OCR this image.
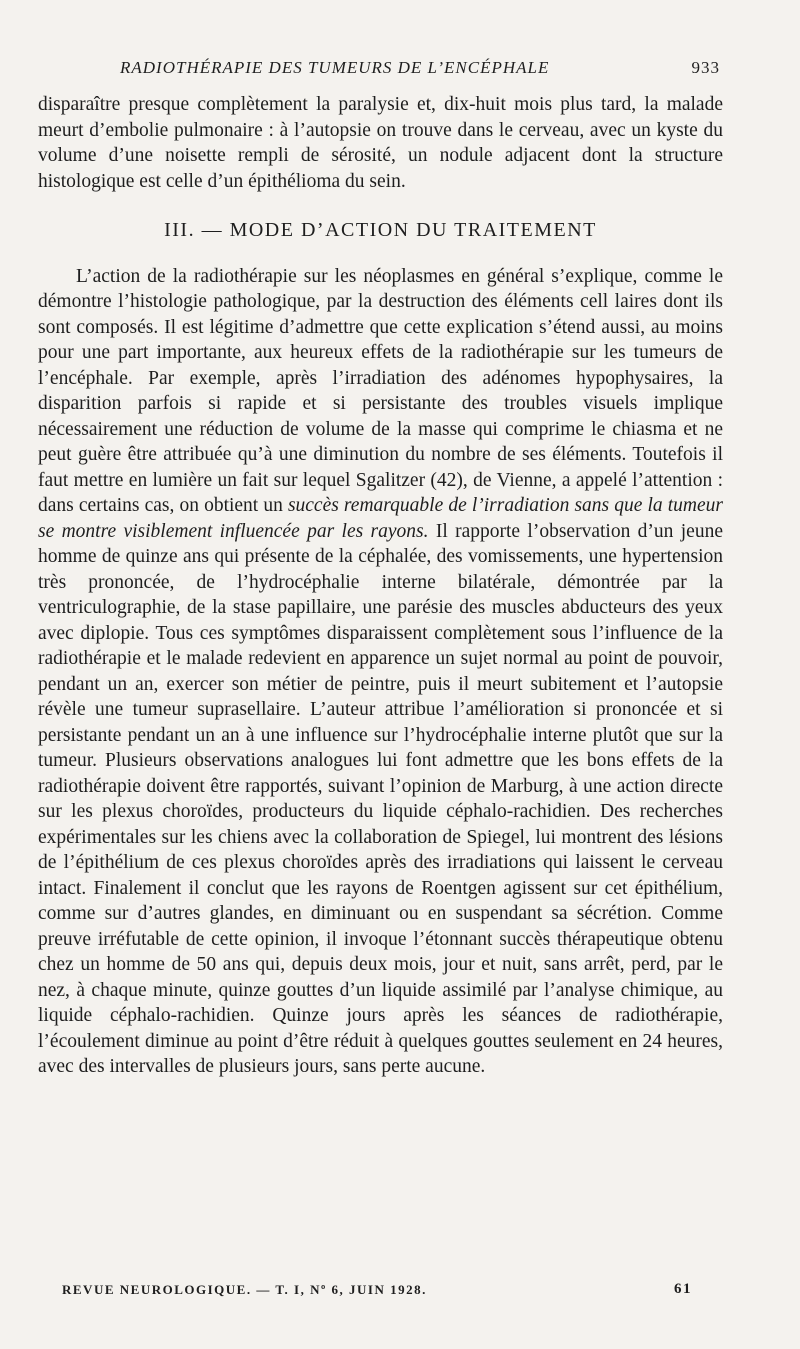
RADIOTHÉRAPIE DES TUMEURS DE L’ENCÉPHALE	933

disparaître presque complètement la paralysie et, dix-huit mois plus tard, la malade meurt d’embolie pulmonaire : à l’autopsie on trouve dans le cerveau, avec un kyste du volume d’une noisette rempli de sérosité, un nodule adjacent dont la structure histologique est celle d’un épithélioma du sein.

III. — MODE D’ACTION DU TRAITEMENT

L’action de la radiothérapie sur les néoplasmes en général s’explique, comme le démontre l’histologie pathologique, par la destruction des éléments cell laires dont ils sont composés. Il est légitime d’admettre que cette explication s’étend aussi, au moins pour une part importante, aux heureux effets de la radiothérapie sur les tumeurs de l’encéphale. Par exemple, après l’irradiation des adénomes hypophysaires, la disparition parfois si rapide et si persistante des troubles visuels implique nécessairement une réduction de volume de la masse qui comprime le chiasma et ne peut guère être attribuée qu’à une diminution du nombre de ses éléments. Toutefois il faut mettre en lumière un fait sur lequel Sgalitzer (42), de Vienne, a appelé l’attention : dans certains cas, on obtient un succès remarquable de l’irradiation sans que la tumeur se montre visiblement influencée par les rayons. Il rapporte l’observation d’un jeune homme de quinze ans qui présente de la céphalée, des vomissements, une hypertension très prononcée, de l’hydrocéphalie interne bilatérale, démontrée par la ventriculographie, de la stase papillaire, une parésie des muscles abducteurs des yeux avec diplopie. Tous ces symptômes disparaissent complètement sous l’influence de la radiothérapie et le malade redevient en apparence un sujet normal au point de pouvoir, pendant un an, exercer son métier de peintre, puis il meurt subitement et l’autopsie révèle une tumeur suprasellaire. L’auteur attribue l’amélioration si prononcée et si persistante pendant un an à une influence sur l’hydrocéphalie interne plutôt que sur la tumeur. Plusieurs observations analogues lui font admettre que les bons effets de la radiothérapie doivent être rapportés, suivant l’opinion de Marburg, à une action directe sur les plexus choroïdes, producteurs du liquide céphalo-rachidien. Des recherches expérimentales sur les chiens avec la collaboration de Spiegel, lui montrent des lésions de l’épithélium de ces plexus choroïdes après des irradiations qui laissent le cerveau intact. Finalement il conclut que les rayons de Roentgen agissent sur cet épithélium, comme sur d’autres glandes, en diminuant ou en suspendant sa sécrétion. Comme preuve irréfutable de cette opinion, il invoque l’étonnant succès thérapeutique obtenu chez un homme de 50 ans qui, depuis deux mois, jour et nuit, sans arrêt, perd, par le nez, à chaque minute, quinze gouttes d’un liquide assimilé par l’analyse chimique, au liquide céphalo-rachidien. Quinze jours après les séances de radiothérapie, l’écoulement diminue au point d’être réduit à quelques gouttes seulement en 24 heures, avec des intervalles de plusieurs jours, sans perte aucune.

REVUE NEUROLOGIQUE. — T. I, Nº 6, JUIN 1928.	61
